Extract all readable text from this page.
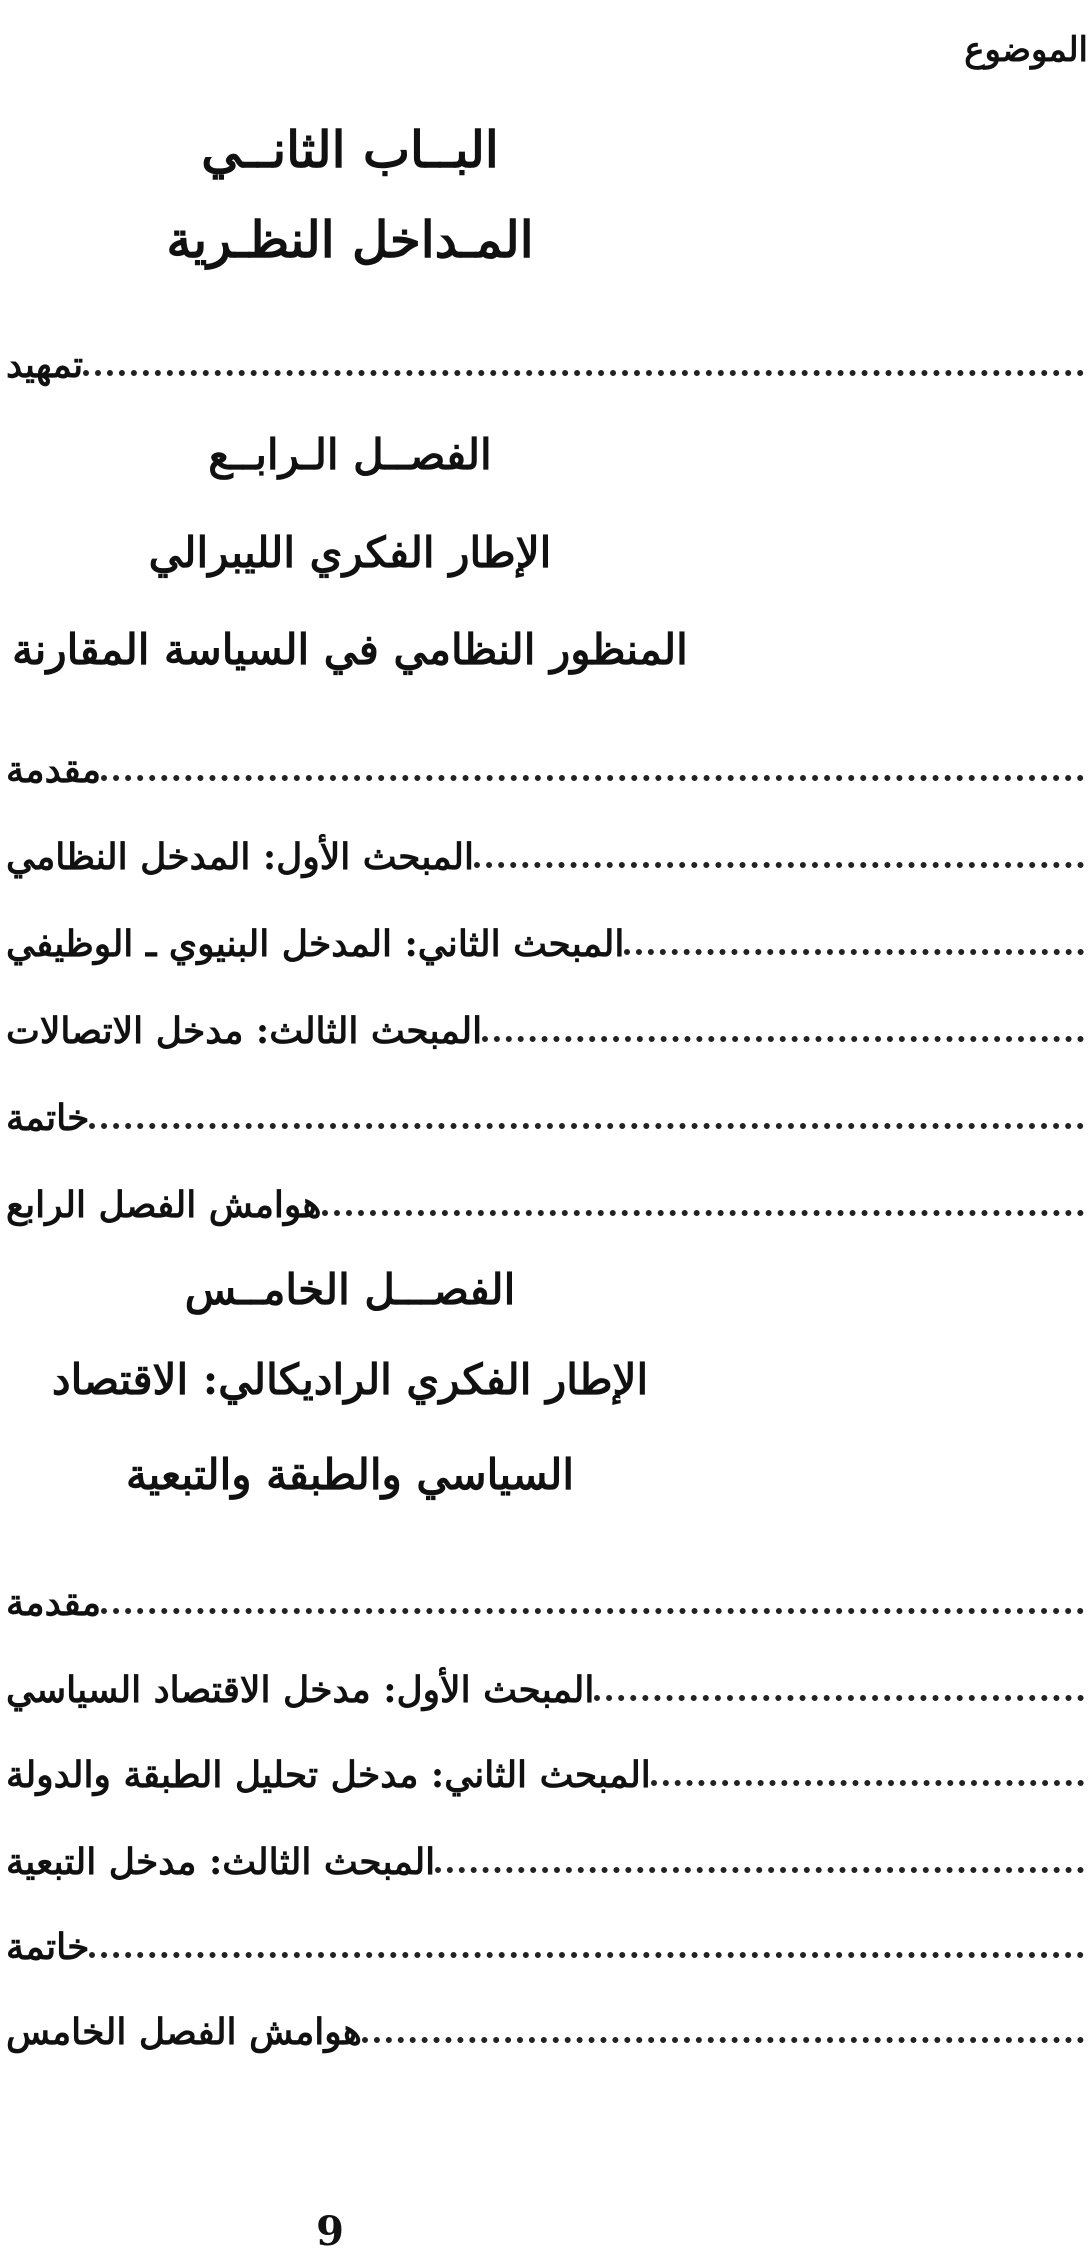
الموضوع
البــاب الثانــي
المـداخل النظـرية
تمهيد
الفصــل الـرابــع
الإطار الفكري الليبرالي
المنظور النظامي في السياسة المقارنة
مقدمة
المبحث الأول: المدخل النظامي
المبحث الثاني: المدخل البنيوي ـ الوظيفي
المبحث الثالث: مدخل الاتصالات
خاتمة
هوامش الفصل الرابع
الفصـــل الخامــس
الإطار الفكري الراديكالي: الاقتصاد
السياسي والطبقة والتبعية
مقدمة
المبحث الأول: مدخل الاقتصاد السياسي
المبحث الثاني: مدخل تحليل الطبقة والدولة
المبحث الثالث: مدخل التبعية
خاتمة
هوامش الفصل الخامس
9
